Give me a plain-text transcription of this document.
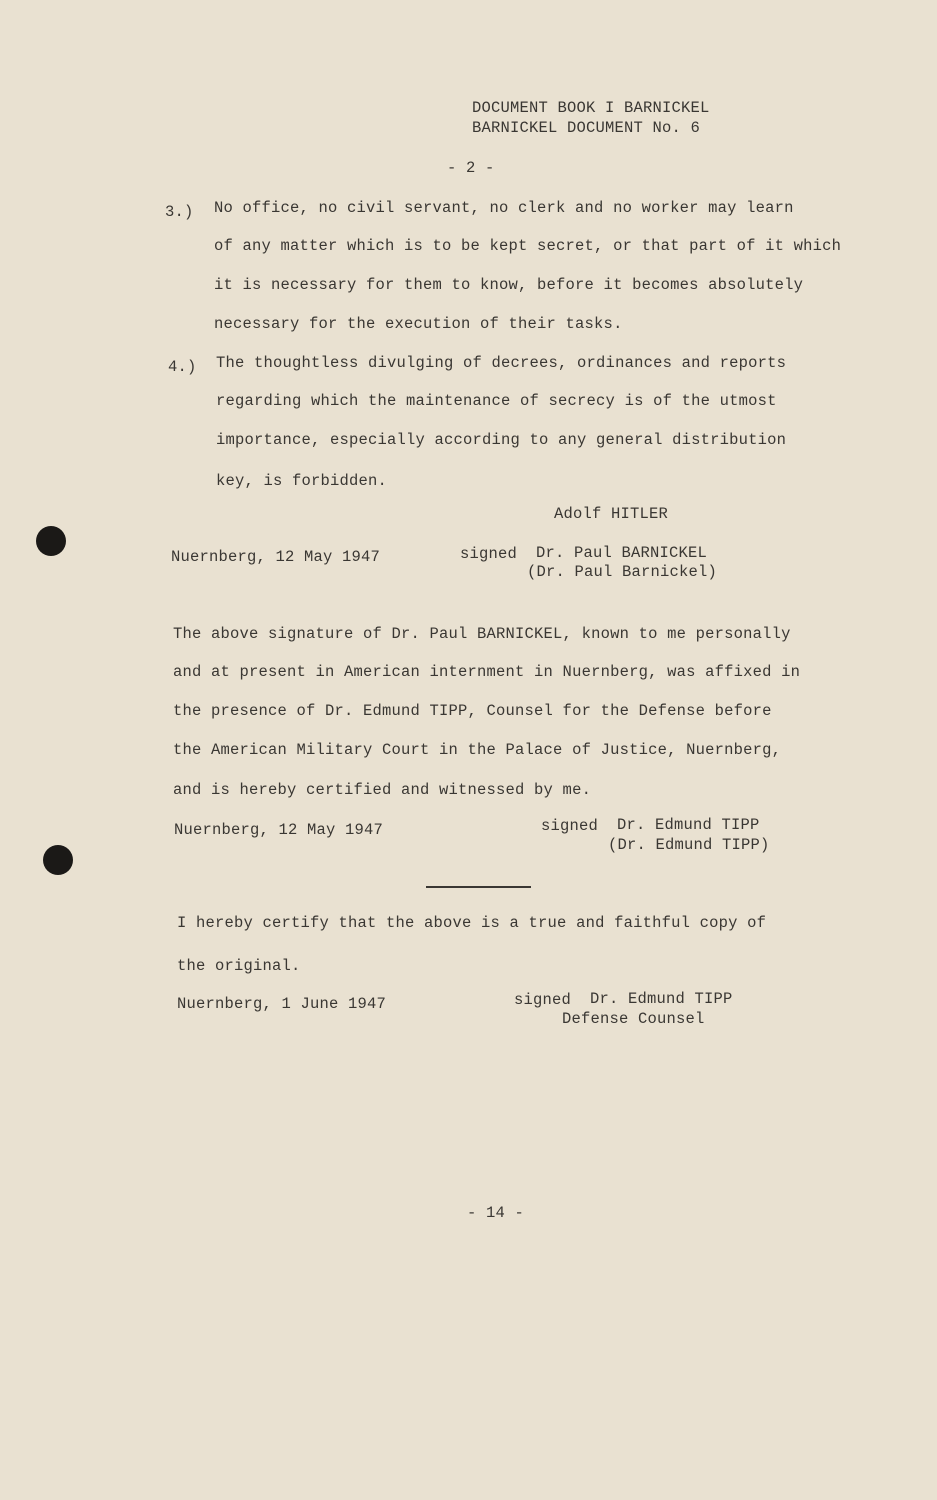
DOCUMENT BOOK I BARNICKEL
BARNICKEL DOCUMENT No. 6
- 2 -
3.) No office, no civil servant, no clerk and no worker may learn
of any matter which is to be kept secret, or that part of it which
it is necessary for them to know, before it becomes absolutely
necessary for the execution of their tasks.
4.) The thoughtless divulging of decrees, ordinances and reports
regarding which the maintenance of secrecy is of the utmost
importance, especially according to any general distribution
key, is forbidden.
Adolf HITLER
Nuernberg, 12 May 1947	signed Dr. Paul BARNICKEL
(Dr. Paul Barnickel)
The above signature of Dr. Paul BARNICKEL, known to me personally
and at present in American internment in Nuernberg, was affixed in
the presence of Dr. Edmund TIPP, Counsel for the Defense before
the American Military Court in the Palace of Justice, Nuernberg,
and is hereby certified and witnessed by me.
Nuernberg, 12 May 1947	signed Dr. Edmund TIPP
(Dr. Edmund TIPP)
I hereby certify that the above is a true and faithful copy of
the original.
Nuernberg, 1 June 1947	signed Dr. Edmund TIPP
Defense Counsel
- 14 -
